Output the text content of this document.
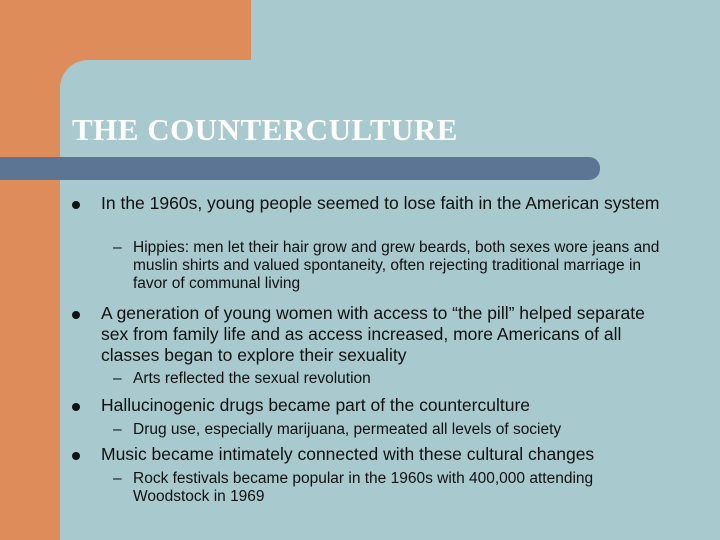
THE COUNTERCULTURE
In the 1960s, young people seemed to lose faith in the American system
– Hippies: men let their hair grow and grew beards, both sexes wore jeans and muslin shirts and valued spontaneity, often rejecting traditional marriage in favor of communal living
A generation of young women with access to “the pill” helped separate sex from family life and as access increased, more Americans of all classes began to explore their sexuality
– Arts reflected the sexual revolution
Hallucinogenic drugs became part of the counterculture
– Drug use, especially marijuana, permeated all levels of society
Music became intimately connected with these cultural changes
– Rock festivals became popular in the 1960s with 400,000 attending Woodstock in 1969
